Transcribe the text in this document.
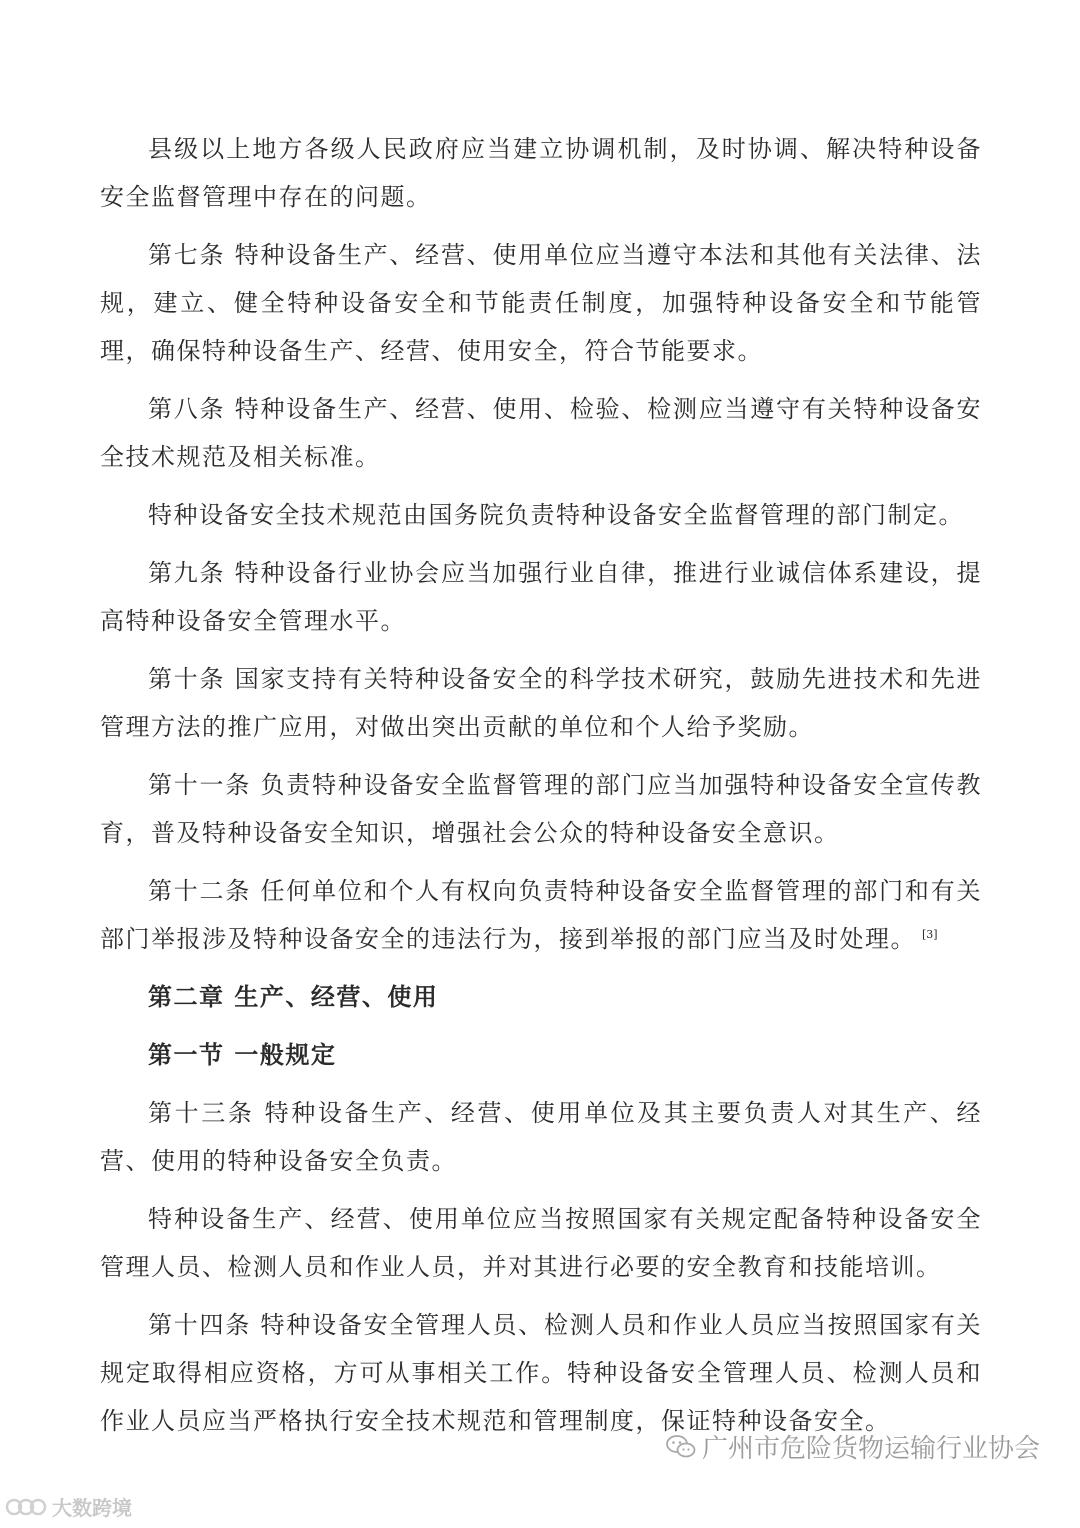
县级以上地方各级人民政府应当建立协调机制，及时协调、解决特种设备安全监督管理中存在的问题。

第七条 特种设备生产、经营、使用单位应当遵守本法和其他有关法律、法规，建立、健全特种设备安全和节能责任制度，加强特种设备安全和节能管理，确保特种设备生产、经营、使用安全，符合节能要求。

第八条 特种设备生产、经营、使用、检验、检测应当遵守有关特种设备安全技术规范及相关标准。

特种设备安全技术规范由国务院负责特种设备安全监督管理的部门制定。

第九条 特种设备行业协会应当加强行业自律，推进行业诚信体系建设，提高特种设备安全管理水平。

第十条 国家支持有关特种设备安全的科学技术研究，鼓励先进技术和先进管理方法的推广应用，对做出突出贡献的单位和个人给予奖励。

第十一条 负责特种设备安全监督管理的部门应当加强特种设备安全宣传教育，普及特种设备安全知识，增强社会公众的特种设备安全意识。

第十二条 任何单位和个人有权向负责特种设备安全监督管理的部门和有关部门举报涉及特种设备安全的违法行为，接到举报的部门应当及时处理。 [3]

第二章 生产、经营、使用

第一节 一般规定

第十三条 特种设备生产、经营、使用单位及其主要负责人对其生产、经营、使用的特种设备安全负责。

特种设备生产、经营、使用单位应当按照国家有关规定配备特种设备安全管理人员、检测人员和作业人员，并对其进行必要的安全教育和技能培训。

第十四条 特种设备安全管理人员、检测人员和作业人员应当按照国家有关规定取得相应资格，方可从事相关工作。特种设备安全管理人员、检测人员和作业人员应当严格执行安全技术规范和管理制度，保证特种设备安全。

广州市危险货物运输行业协会
大数跨境
